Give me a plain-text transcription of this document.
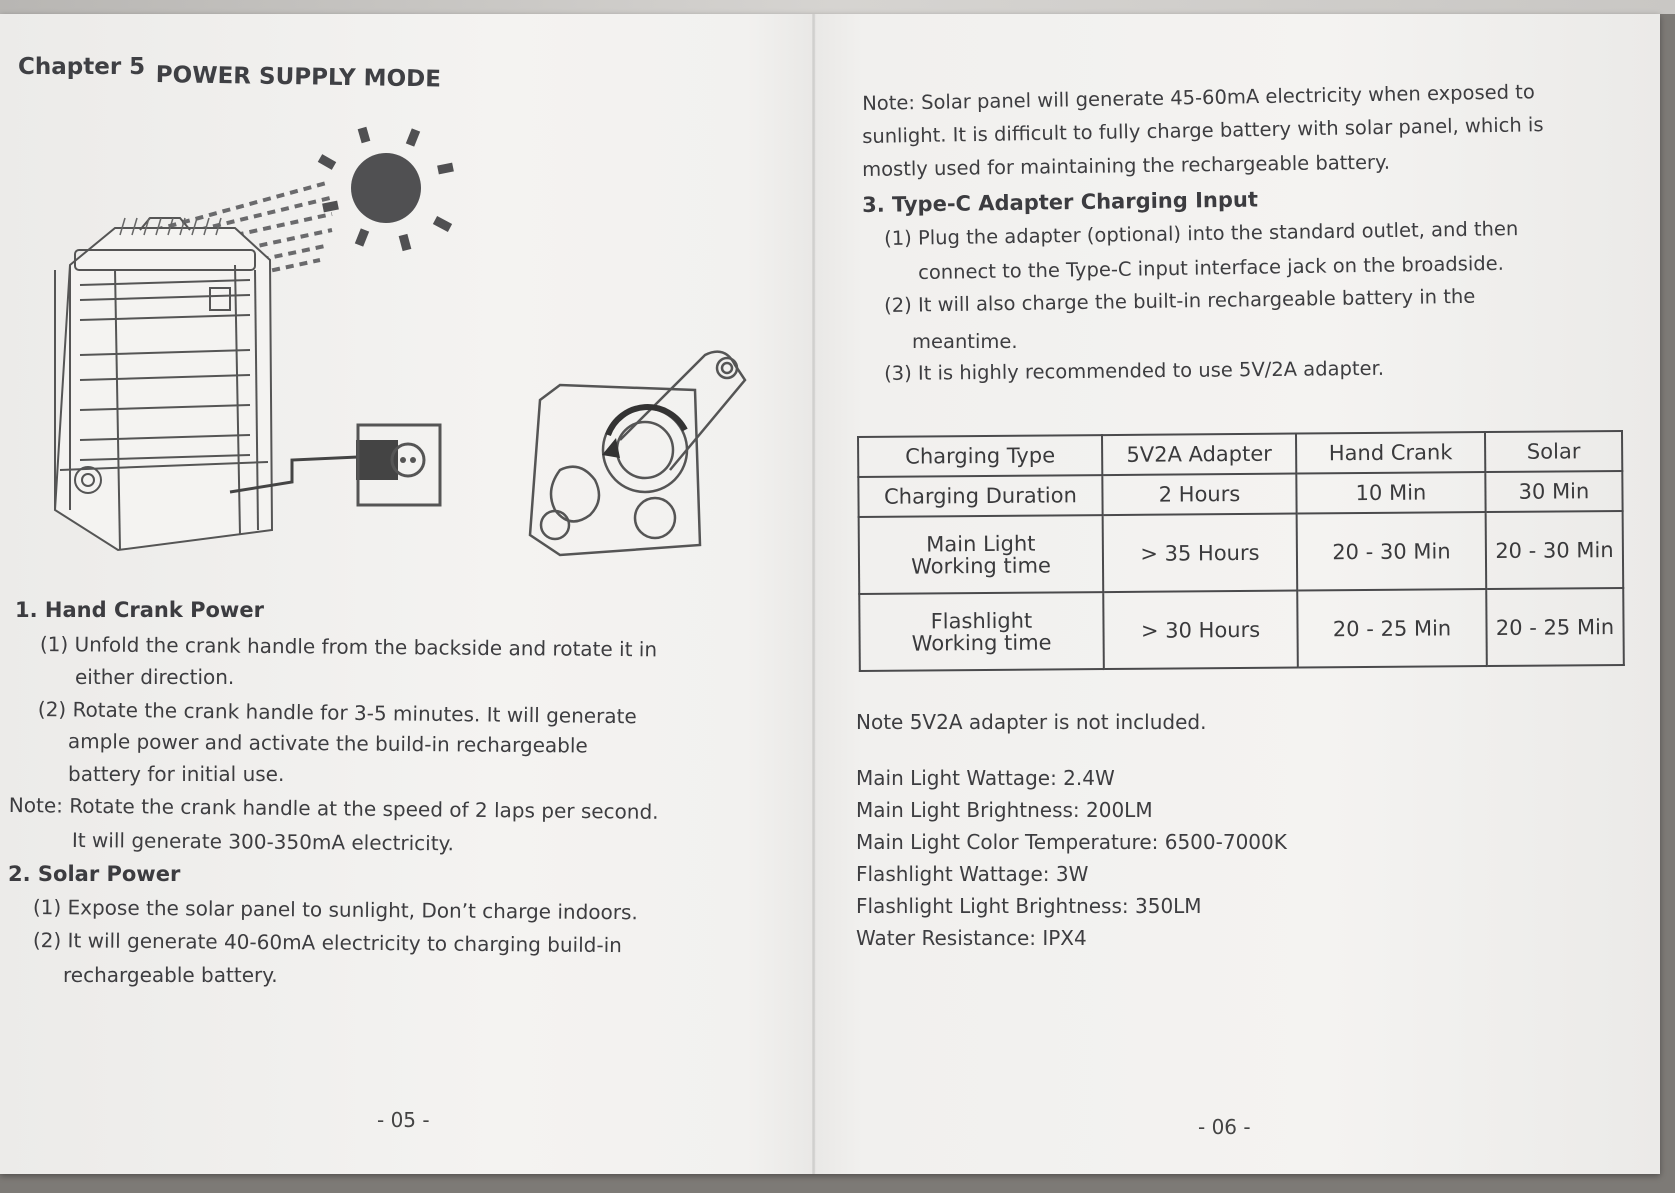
Chapter 5 POWER SUPPLY MODE
1. Hand Crank Power
(1) Unfold the crank handle from the backside and rotate it in
either direction.
(2) Rotate the crank handle for 3-5 minutes. It will generate
ample power and activate the build-in rechargeable
battery for initial use.
Note: Rotate the crank handle at the speed of 2 laps per second.
It will generate 300-350mA electricity.
2. Solar Power
(1) Expose the solar panel to sunlight, Don’t charge indoors.
(2) It will generate 40-60mA electricity to charging build-in
rechargeable battery.
- 05 -
Note: Solar panel will generate 45-60mA electricity when exposed to
sunlight. It is difficult to fully charge battery with solar panel, which is
mostly used for maintaining the rechargeable battery.
3. Type-C Adapter Charging Input
(1) Plug the adapter (optional) into the standard outlet, and then
connect to the Type-C input interface jack on the broadside.
(2) It will also charge the built-in rechargeable battery in the
meantime.
(3) It is highly recommended to use 5V/2A adapter.
Charging Type	5V2A Adapter	Hand Crank	Solar
Charging Duration	2 Hours	10 Min	30 Min
Main Light
Working time	> 35 Hours	20 - 30 Min	20 - 30 Min
Flashlight
Working time	> 30 Hours	20 - 25 Min	20 - 25 Min
Note 5V2A adapter is not included.
Main Light Wattage: 2.4W
Main Light Brightness: 200LM
Main Light Color Temperature: 6500-7000K
Flashlight Wattage: 3W
Flashlight Light Brightness: 350LM
Water Resistance: IPX4
- 06 -
